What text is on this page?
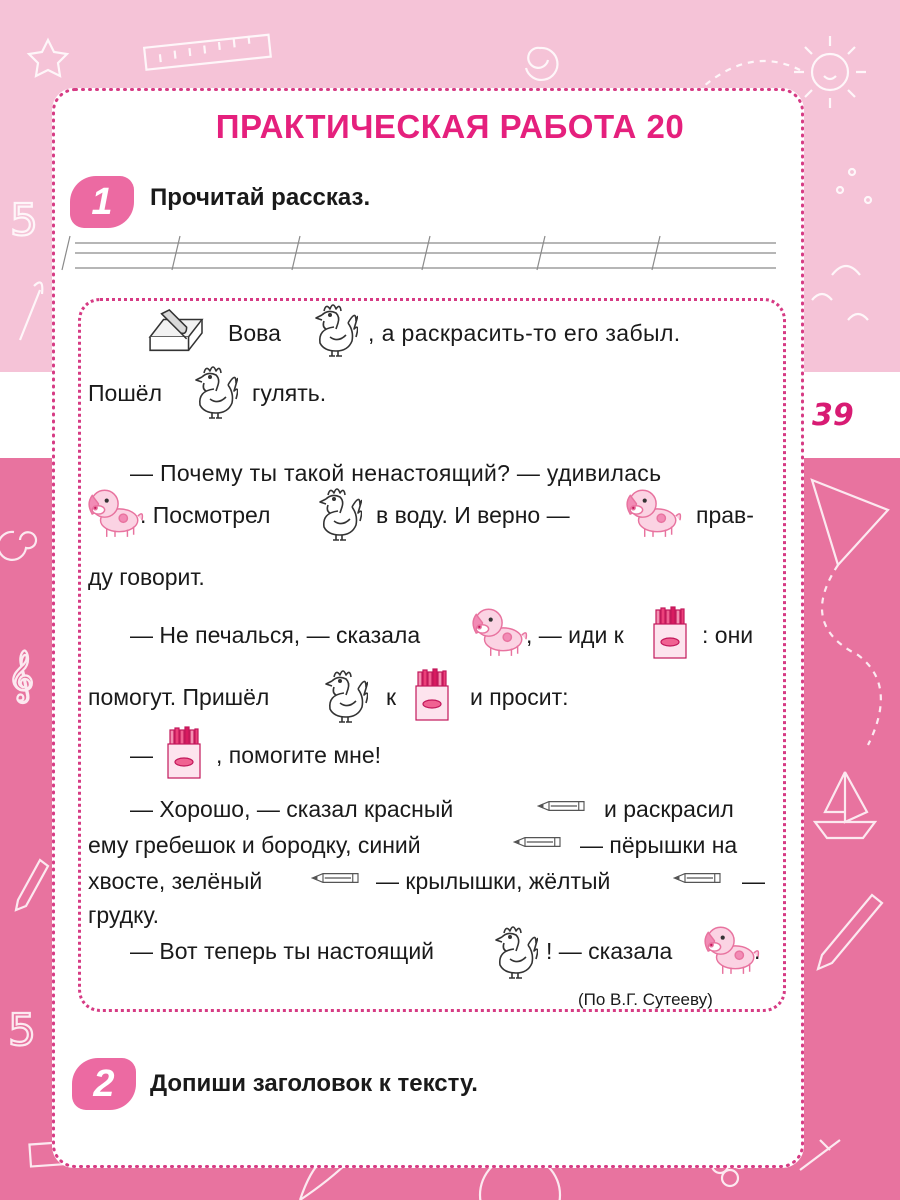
5
𝄞
5
39
ПРАКТИЧЕСКАЯ РАБОТА 20
1	Прочитай рассказ.
Вова	, а раскрасить-то его забыл.
Пошёл	гулять.
— Почему ты такой ненастоящий? — удивилась
. Посмотрел	в воду. И верно —	прав-
ду говорит.
— Не печалься, — сказала	, — иди к	: они
помогут. Пришёл	к	и просит:
—	, помогите мне!
— Хорошо, — сказал красный	и раскрасил
ему гребешок и бородку, синий	— пёрышки на
хвосте, зелёный	— крылышки, жёлтый	—
грудку.
— Вот теперь ты настоящий	! — сказала	.
(По В.Г. Сутееву)
2	Допиши заголовок к тексту.
